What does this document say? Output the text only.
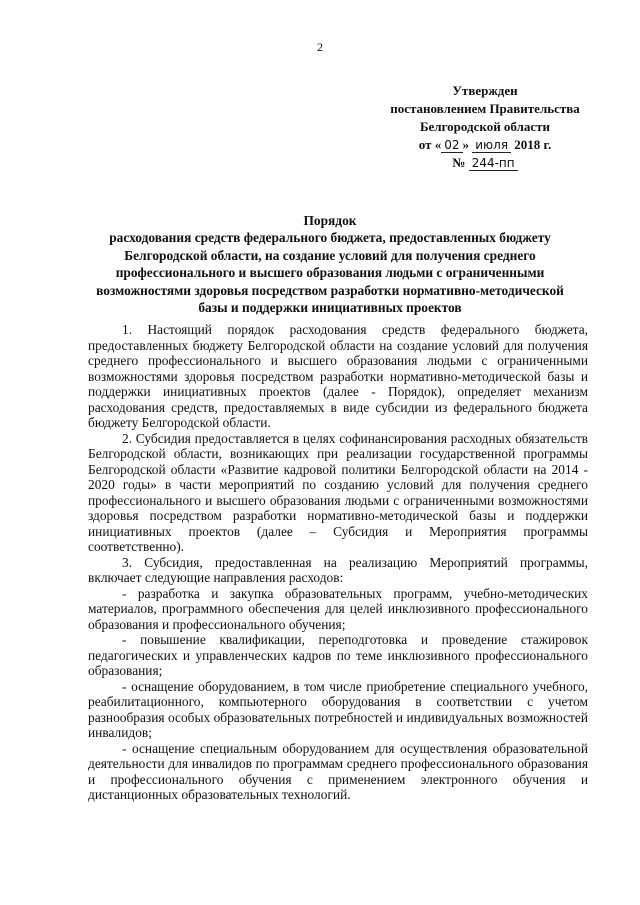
2
Утвержден
постановлением Правительства
Белгородской области
от « 02 » июля 2018 г.
№ 244-пп
Порядок
расходования средств федерального бюджета, предоставленных бюджету Белгородской области, на создание условий для получения среднего профессионального и высшего образования людьми с ограниченными возможностями здоровья посредством разработки нормативно-методической базы и поддержки инициативных проектов

1. Настоящий порядок расходования средств федерального бюджета, предоставленных бюджету Белгородской области на создание условий для получения среднего профессионального и высшего образования людьми с ограниченными возможностями здоровья посредством разработки нормативно-методической базы и поддержки инициативных проектов (далее - Порядок), определяет механизм расходования средств, предоставляемых в виде субсидии из федерального бюджета бюджету Белгородской области.

2. Субсидия предоставляется в целях софинансирования расходных обязательств Белгородской области, возникающих при реализации государственной программы Белгородской области «Развитие кадровой политики Белгородской области на 2014 - 2020 годы» в части мероприятий по созданию условий для получения среднего профессионального и высшего образования людьми с ограниченными возможностями здоровья посредством разработки нормативно-методической базы и поддержки инициативных проектов (далее – Субсидия и Мероприятия программы соответственно).

3. Субсидия, предоставленная на реализацию Мероприятий программы, включает следующие направления расходов:

- разработка и закупка образовательных программ, учебно-методических материалов, программного обеспечения для целей инклюзивного профессионального образования и профессионального обучения;

- повышение квалификации, переподготовка и проведение стажировок педагогических и управленческих кадров по теме инклюзивного профессионального образования;

- оснащение оборудованием, в том числе приобретение специального учебного, реабилитационного, компьютерного оборудования в соответствии с учетом разнообразия особых образовательных потребностей и индивидуальных возможностей инвалидов;

- оснащение специальным оборудованием для осуществления образовательной деятельности для инвалидов по программам среднего профессионального образования и профессионального обучения с применением электронного обучения и дистанционных образовательных технологий.
